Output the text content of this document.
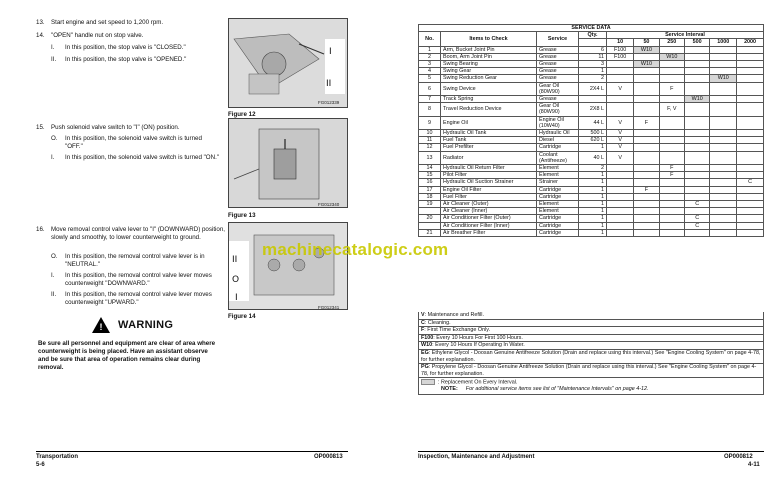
13. Start engine and set speed to 1,200 rpm.
14. "OPEN" handle nut on stop valve.
I. In this position, the stop valve is "CLOSED."
II. In this position, the stop valve is "OPENED."
I
II
FG012339
Figure 12
15. Push solenoid valve switch to "I" (ON) position.
O. In this position, the solenoid valve switch is turned "OFF."
I. In this position, the solenoid valve switch is turned "ON."
FG012340
Figure 13
16. Move removal control valve lever to "I" (DOWNWARD) position, slowly and smoothly, to lower counterweight to ground.
O. In this position, the removal control valve lever is in "NEUTRAL."
I. In this position, the removal control valve lever moves counterweight "DOWNWARD."
II. In this position, the removal control valve lever moves counterweight "UPWARD."
II
O
I
FG012341
Figure 14
! WARNING
Be sure all personnel and equipment are clear of area where counterweight is being placed. Have an assistant observe and be sure that area of operation remains clear during removal.
Transportation
5-6
OP000813
machinecatalogic.com
SERVICE DATA									
No.	Items to Check	Service	Qty.	Service Interval					
				10	50	250	500	1000	2000
1	Arm, Bucket Joint Pin	Grease	6	F100	W10				
2	Boom, Arm Joint Pin	Grease	11	F100		W10			
3	Swing Bearing	Grease	3		W10				
4	Swing Gear	Grease	1						
5	Swing Reduction Gear	Grease	2					W10	
6	Swing Device	Gear Oil (80W90)	2X4 L	V		F			
7	Track Spring	Grease					W10		
8	Travel Reduction Device	Gear Oil (80W90)	2X8 L			F, V			
9	Engine Oil	Engine Oil (10W40)	44 L	V	F				
10	Hydraulic Oil Tank	Hydraulic Oil	500 L	V					
11	Fuel Tank	Diesel	620 L	V					
12	Fuel Prefilter	Cartridge	1	V					
13	Radiator	Coolant (Antifreeze)	40 L	V					
14	Hydraulic Oil Return Filter	Element	2			F			
15	Pilot Filter	Element	1			F			
16	Hydraulic Oil Suction Strainer	Strainer	1						C
17	Engine Oil Filter	Cartridge	1		F				
18	Fuel Filter	Cartridge	1						
19	Air Cleaner (Outer)	Element	1				C		
	Air Cleaner (Inner)	Element	1						
20	Air Conditioner Filter (Outer)	Cartridge	1				C		
	Air Conditioner Filter (Inner)	Cartridge	1				C		
21	Air Breather Filter	Cartridge	1						
V: Maintenance and Refill.
C: Cleaning.
F: First Time Exchange Only.
F100: Every 10 Hours For First 100 Hours.
W10: Every 10 Hours If Operating In Water.
EG: Ethylene Glycol - Doosan Genuine Antifreeze Solution (Drain and replace using this interval.) See "Engine Cooling System" on page 4-78, for further explanation.
PG: Propylene Glycol - Doosan Genuine Antifreeze Solution (Drain and replace using this interval.) See "Engine Cooling System" on page 4-78, for further explanation.
: Replacement On Every Interval.
NOTE: For additional service items see list of "Maintenance Intervals" on page 4-12.
Inspection, Maintenance and Adjustment	OP000812
4-11
